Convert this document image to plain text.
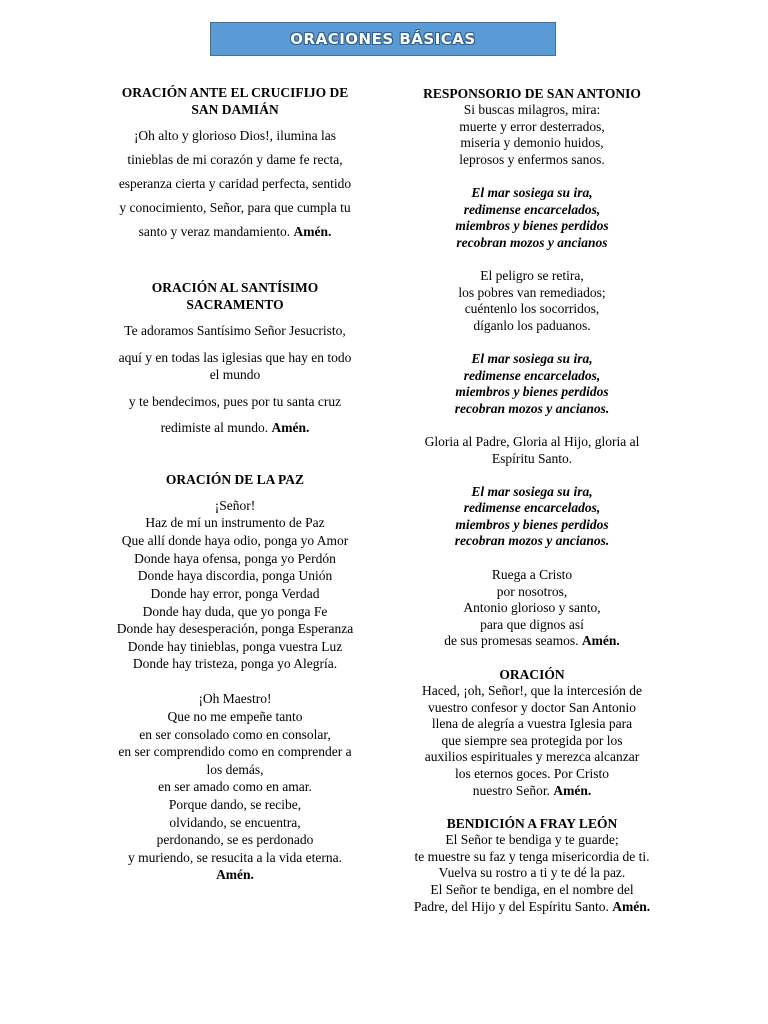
ORACIONES BÁSICAS
ORACIÓN ANTE EL CRUCIFIJO DE
SAN DAMIÁN
¡Oh alto y glorioso Dios!, ilumina las
tinieblas de mi corazón y dame fe recta,
esperanza cierta y caridad perfecta, sentido
y conocimiento, Señor, para que cumpla tu
santo y veraz mandamiento. Amén.
ORACIÓN AL SANTÍSIMO
SACRAMENTO
Te adoramos Santísimo Señor Jesucristo,
aquí y en todas las iglesias que hay en todo
el mundo
y te bendecimos, pues por tu santa cruz
redimiste al mundo. Amén.
ORACIÓN DE LA PAZ
¡Señor!
Haz de mí un instrumento de Paz
Que allí donde haya odio, ponga yo Amor
Donde haya ofensa, ponga yo Perdón
Donde haya discordia, ponga Unión
Donde hay error, ponga Verdad
Donde hay duda, que yo ponga Fe
Donde hay desesperación, ponga Esperanza
Donde hay tinieblas, ponga vuestra Luz
Donde hay tristeza, ponga yo Alegría.
¡Oh Maestro!
Que no me empeñe tanto
en ser consolado como en consolar,
en ser comprendido como en comprender a
los demás,
en ser amado como en amar.
Porque dando, se recibe,
olvidando, se encuentra,
perdonando, se es perdonado
y muriendo, se resucita a la vida eterna.
Amén.
RESPONSORIO DE SAN ANTONIO
Si buscas milagros, mira:
muerte y error desterrados,
miseria y demonio huidos,
leprosos y enfermos sanos.
El mar sosiega su ira,
redimense encarcelados,
miembros y bienes perdidos
recobran mozos y ancianos
El peligro se retira,
los pobres van remediados;
cuéntenlo los socorridos,
díganlo los paduanos.
El mar sosiega su ira,
redimense encarcelados,
miembros y bienes perdidos
recobran mozos y ancianos.
Gloria al Padre, Gloria al Hijo, gloria al
Espíritu Santo.
El mar sosiega su ira,
redimense encarcelados,
miembros y bienes perdidos
recobran mozos y ancianos.
Ruega a Cristo
por nosotros,
Antonio glorioso y santo,
para que dignos así
de sus promesas seamos. Amén.
ORACIÓN
Haced, ¡oh, Señor!, que la intercesión de
vuestro confesor y doctor San Antonio
llena de alegría a vuestra Iglesia para
que siempre sea protegida por los
auxilios espirituales y merezca alcanzar
los eternos goces. Por Cristo
nuestro Señor. Amén.
BENDICIÓN A FRAY LEÓN
El Señor te bendiga y te guarde;
te muestre su faz y tenga misericordia de ti.
Vuelva su rostro a ti y te dé la paz.
El Señor te bendiga, en el nombre del
Padre, del Hijo y del Espíritu Santo. Amén.
